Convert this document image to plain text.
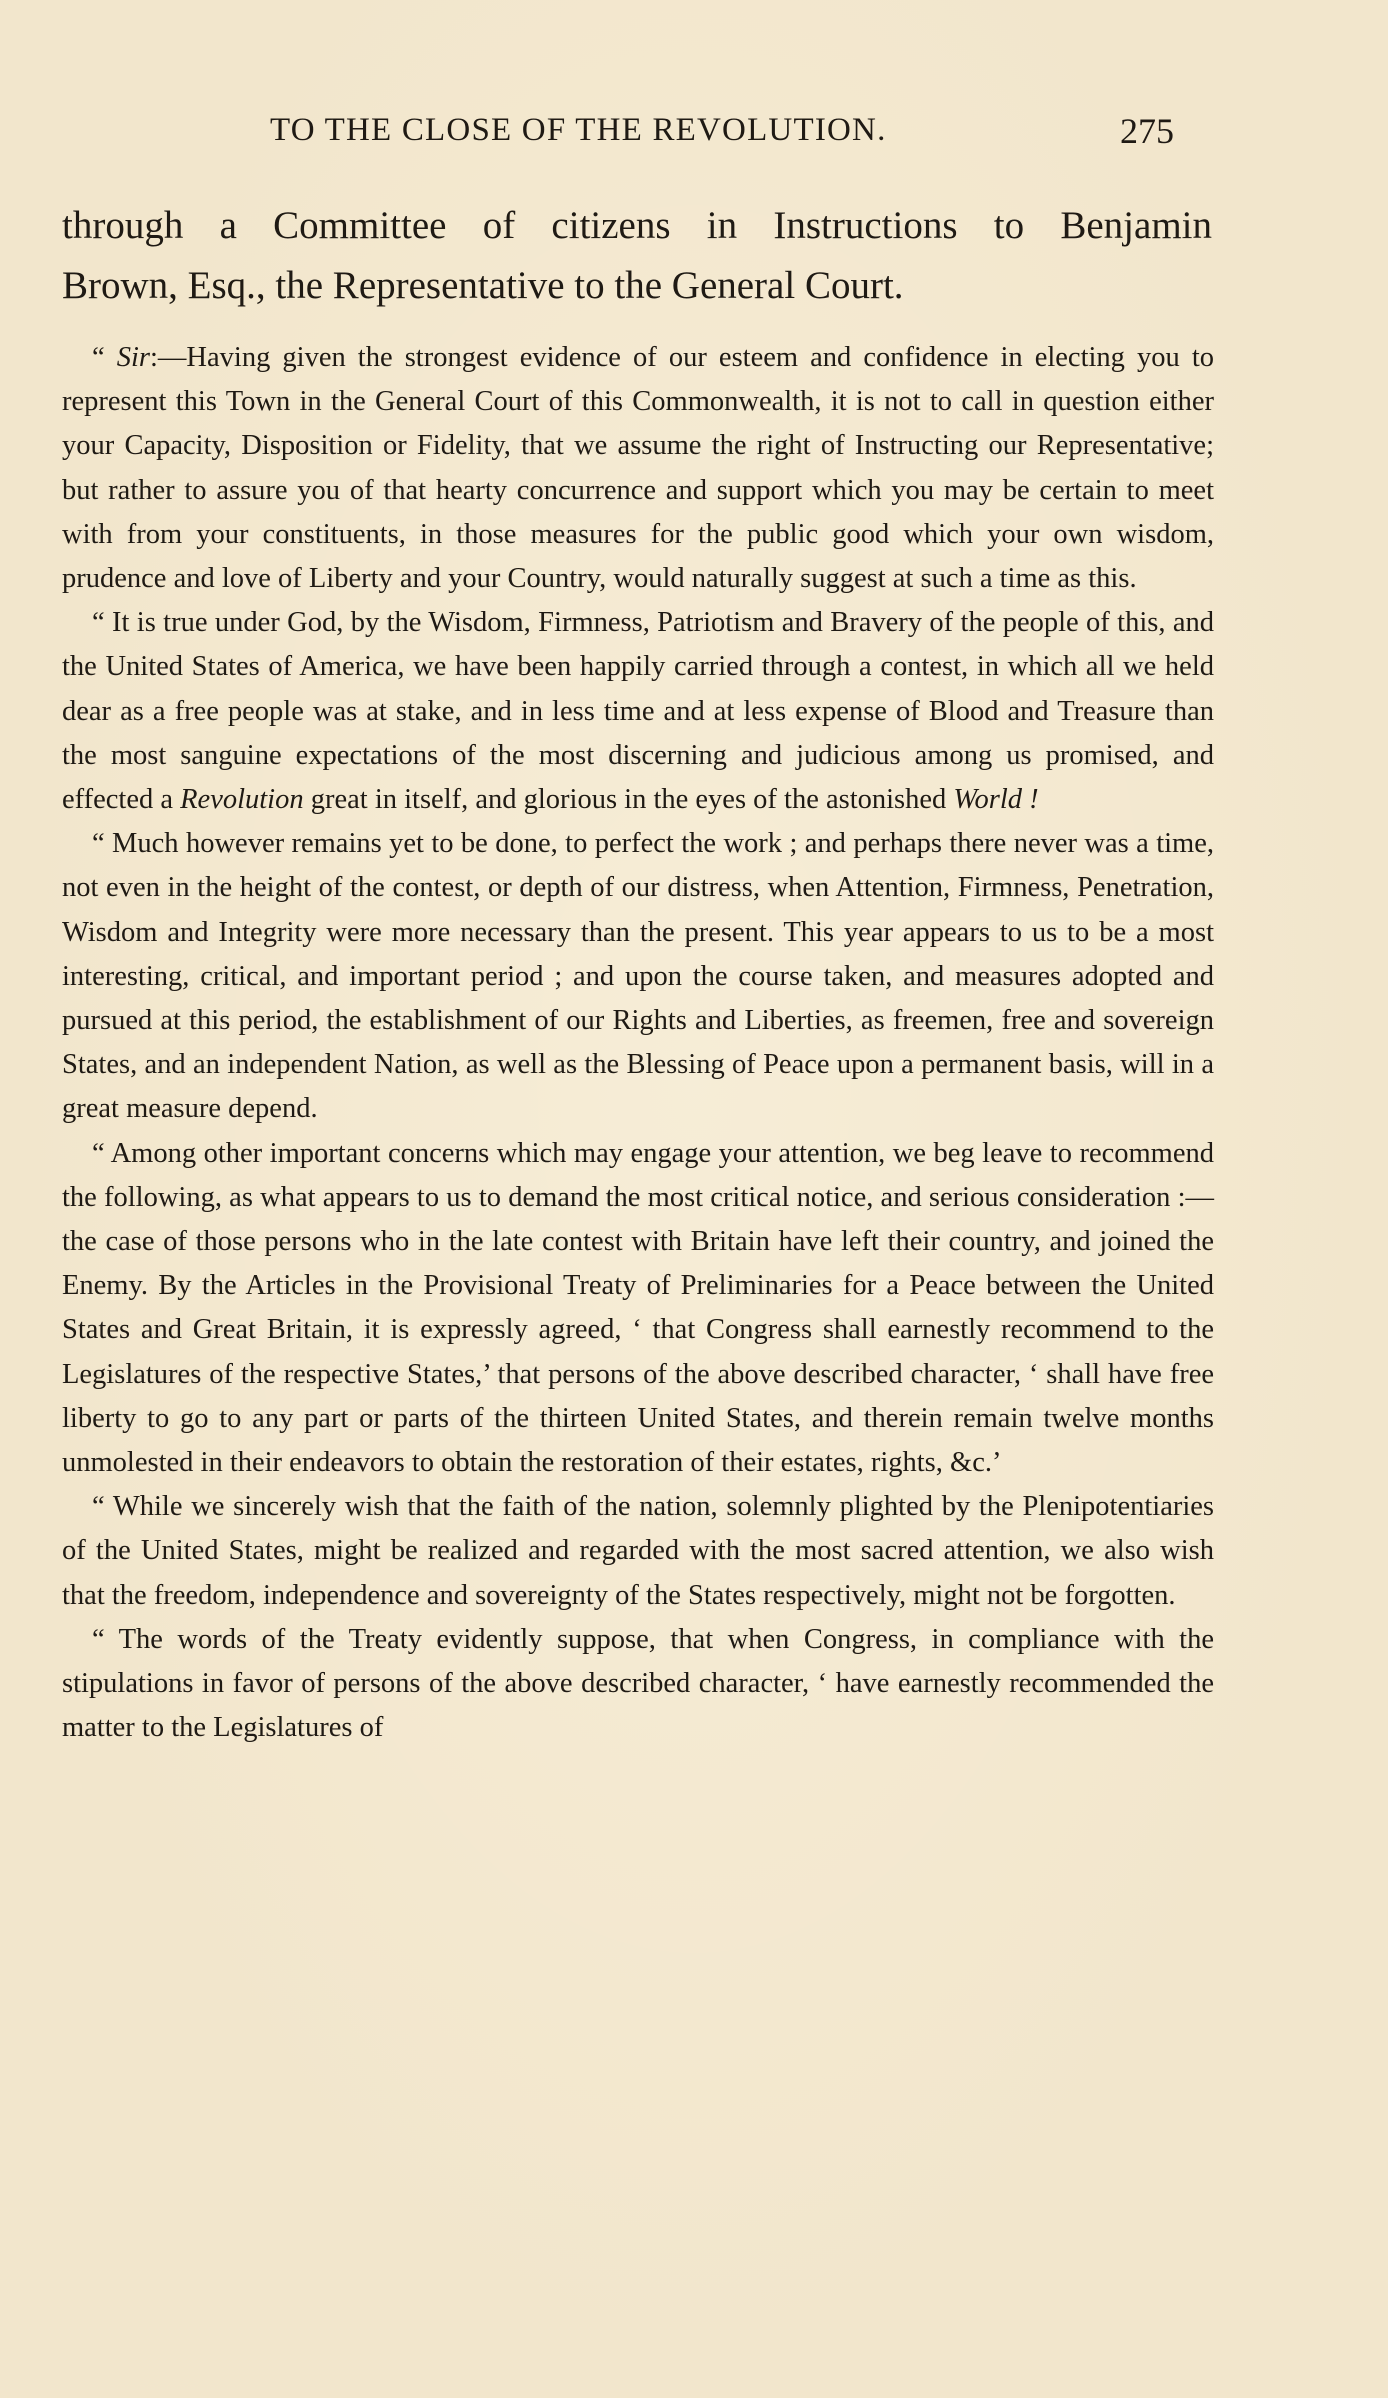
TO THE CLOSE OF THE REVOLUTION.	275
through a Committee of citizens in Instructions to Benjamin
Brown, Esq., the Representative to the General Court.

“ Sir:—Having given the strongest evidence of our esteem and confidence in electing you to represent this Town in the General Court of this Commonwealth, it is not to call in question either your Capacity, Disposition or Fidelity, that we assume the right of Instructing our Representative; but rather to assure you of that hearty concurrence and support which you may be certain to meet with from your constituents, in those measures for the public good which your own wisdom, prudence and love of Liberty and your Country, would naturally suggest at such a time as this.

“ It is true under God, by the Wisdom, Firmness, Patriotism and Bravery of the people of this, and the United States of America, we have been happily carried through a contest, in which all we held dear as a free people was at stake, and in less time and at less expense of Blood and Treasure than the most sanguine expectations of the most discerning and judicious among us promised, and effected a Revolution great in itself, and glorious in the eyes of the astonished World !

“ Much however remains yet to be done, to perfect the work ; and perhaps there never was a time, not even in the height of the contest, or depth of our distress, when Attention, Firmness, Penetration, Wisdom and Integrity were more necessary than the present. This year appears to us to be a most interesting, critical, and important period ; and upon the course taken, and measures adopted and pursued at this period, the establishment of our Rights and Liberties, as freemen, free and sovereign States, and an independent Nation, as well as the Blessing of Peace upon a permanent basis, will in a great measure depend.

“ Among other important concerns which may engage your attention, we beg leave to recommend the following, as what appears to us to demand the most critical notice, and serious consideration :—the case of those persons who in the late contest with Britain have left their country, and joined the Enemy. By the Articles in the Provisional Treaty of Preliminaries for a Peace between the United States and Great Britain, it is expressly agreed, ‘ that Congress shall earnestly recommend to the Legislatures of the respective States,’ that persons of the above described character, ‘ shall have free liberty to go to any part or parts of the thirteen United States, and therein remain twelve months unmolested in their endeavors to obtain the restoration of their estates, rights, &c.’

“ While we sincerely wish that the faith of the nation, solemnly plighted by the Plenipotentiaries of the United States, might be realized and regarded with the most sacred attention, we also wish that the freedom, independence and sovereignty of the States respectively, might not be forgotten.

“ The words of the Treaty evidently suppose, that when Congress, in compliance with the stipulations in favor of persons of the above described character, ‘ have earnestly recommended the matter to the Legislatures of
